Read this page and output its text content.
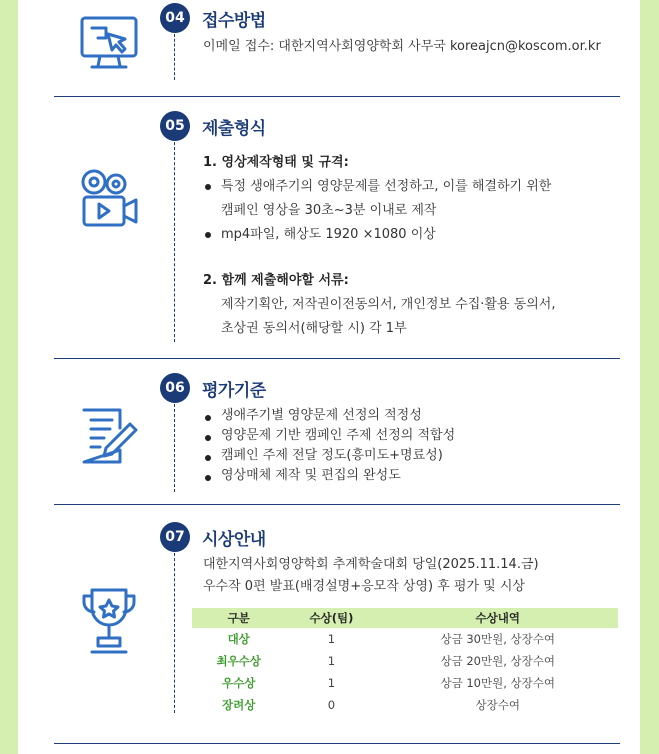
04	접수방법
이메일 접수: 대한지역사회영양학회 사무국 koreajcn@koscom.or.kr
05	제출형식
1. 영상제작형태 및 규격:
특정 생애주기의 영양문제를 선정하고, 이를 해결하기 위한
캠페인 영상을 30초~3분 이내로 제작
mp4파일, 해상도 1920 ×1080 이상
2. 함께 제출해야할 서류:
제작기획안, 저작권이전동의서, 개인정보 수집·활용 동의서,
초상권 동의서(해당할 시) 각 1부
06	평가기준
생애주기별 영양문제 선정의 적정성
영양문제 기반 캠페인 주제 선정의 적합성
캠페인 주제 전달 정도(흥미도+명료성)
영상매체 제작 및 편집의 완성도
07	시상안내
대한지역사회영양학회 추계학술대회 당일(2025.11.14.금)
우수작 0편 발표(배경설명+응모작 상영) 후 평가 및 시상
구분	수상(팀)	수상내역
대상	1	상금 30만원, 상장수여
최우수상	1	상금 20만원, 상장수여
우수상	1	상금 10만원, 상장수여
장려상	0	상장수여
